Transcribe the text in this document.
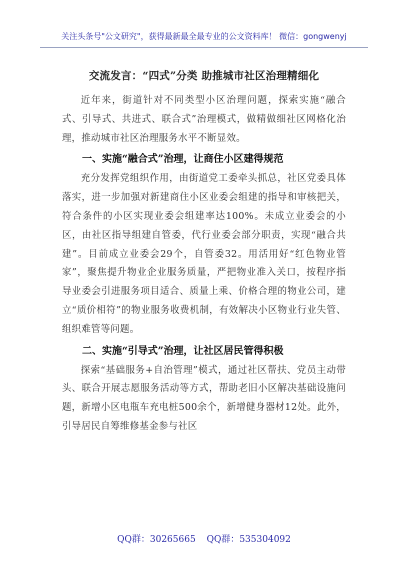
关注头条号"公文研究"，获得最新最全最专业的公文资料库！ 微信：gongwenyj

交流发言：“四式”分类 助推城市社区治理精细化

近年来，街道针对不同类型小区治理问题，探索实施“融合式、引导式、共进式、联合式”治理模式，做精做细社区网格化治理，推动城市社区治理服务水平不断显效。

一、实施“融合式”治理，让商住小区建得规范

充分发挥党组织作用，由街道党工委牵头抓总，社区党委具体落实，进一步加强对新建商住小区业委会组建的指导和审核把关，符合条件的小区实现业委会组建率达100%。未成立业委会的小区，由社区指导组建自管委，代行业委会部分职责，实现“融合共建”。目前成立业委会29个，自管委32。用活用好“红色物业管家”，聚焦提升物业企业服务质量，严把物业准入关口，按程序指导业委会引进服务项目适合、质量上乘、价格合理的物业公司，建立“质价相符”的物业服务收费机制，有效解决小区物业行业失管、组织难管等问题。

二、实施“引导式”治理，让社区居民管得积极

探索“基础服务+自治管理”模式，通过社区帮扶、党员主动带头、联合开展志愿服务活动等方式，帮助老旧小区解决基础设施问题，新增小区电瓶车充电桩500余个，新增健身器材12处。此外，引导居民自筹维修基金参与社区

QQ群：30265665 QQ群：535304092
